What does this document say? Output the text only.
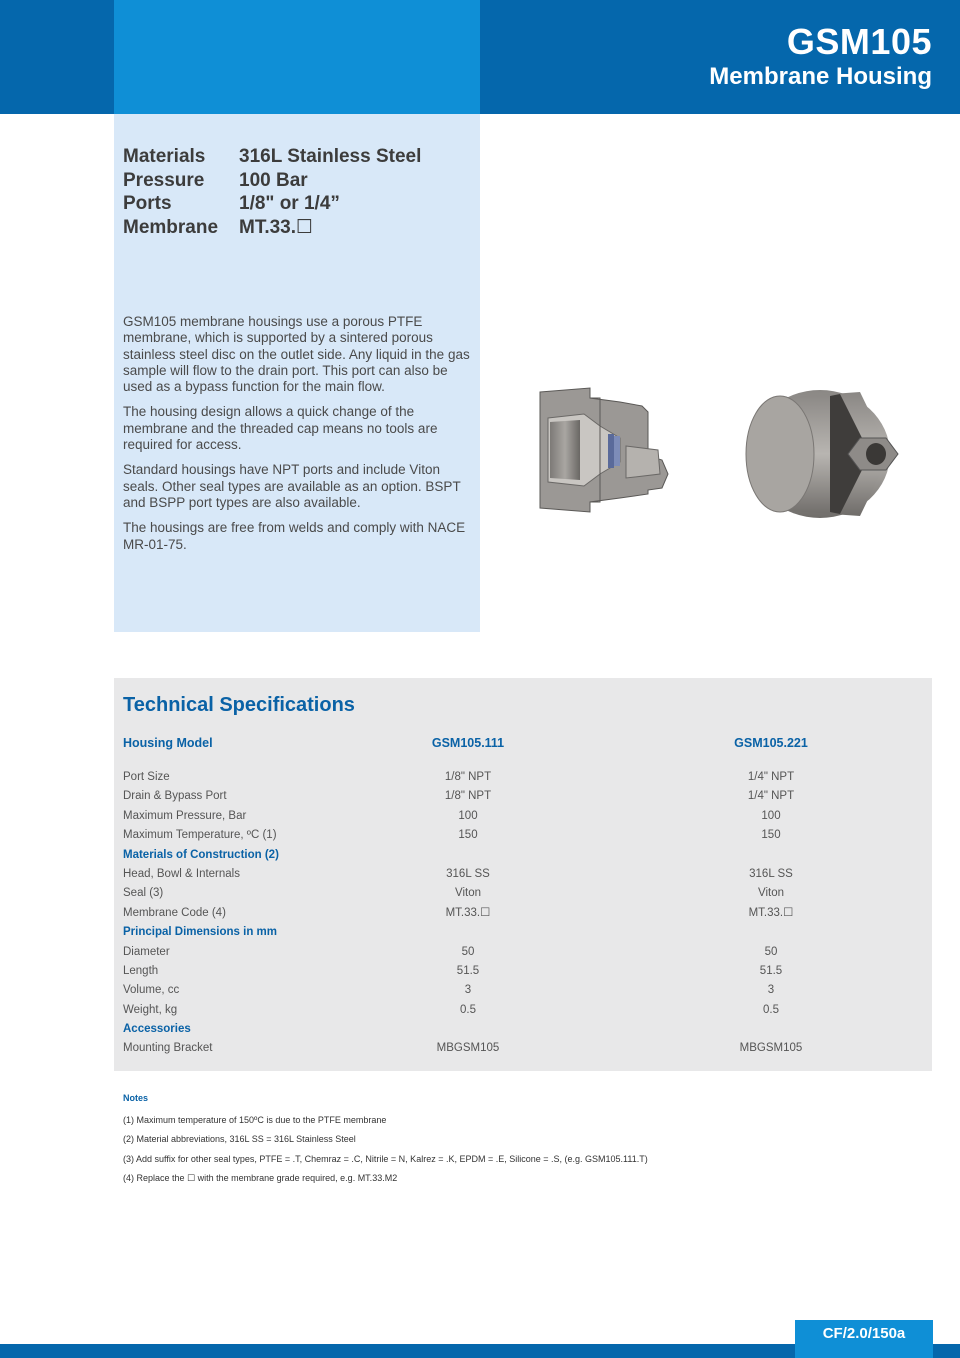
GSM105
Membrane Housing
Materials	316L Stainless Steel
Pressure	100 Bar
Ports	1/8" or 1/4”
Membrane	MT.33.☐

GSM105 membrane housings use a porous PTFE membrane, which is supported by a sintered porous stainless steel disc on the outlet side. Any liquid in the gas sample will flow to the drain port. This port can also be used as a bypass function for the main flow.

The housing design allows a quick change of the membrane and the threaded cap means no tools are required for access.

Standard housings have NPT ports and include Viton seals. Other seal types are available as an option. BSPT and BSPP port types are also available.

The housings are free from welds and comply with NACE MR-01-75.

Technical Specifications
Housing Model	GSM105.111	GSM105.221
Port Size	1/8" NPT	1/4" NPT
Drain & Bypass Port	1/8" NPT	1/4" NPT
Maximum Pressure, Bar	100	100
Maximum Temperature, ºC (1)	150	150
Materials of Construction (2)
Head, Bowl & Internals	316L SS	316L SS
Seal (3)	Viton	Viton
Membrane Code (4)	MT.33.☐	MT.33.☐
Principal Dimensions in mm
Diameter	50	50
Length	51.5	51.5
Volume, cc	3	3
Weight, kg	0.5	0.5
Accessories
Mounting Bracket	MBGSM105	MBGSM105
Notes
(1) Maximum temperature of 150ºC is due to the PTFE membrane
(2) Material abbreviations, 316L SS = 316L Stainless Steel
(3) Add suffix for other seal types, PTFE = .T, Chemraz = .C, Nitrile = N, Kalrez = .K, EPDM = .E, Silicone = .S, (e.g. GSM105.111.T)
(4) Replace the ☐ with the membrane grade required, e.g. MT.33.M2
CF/2.0/150a
